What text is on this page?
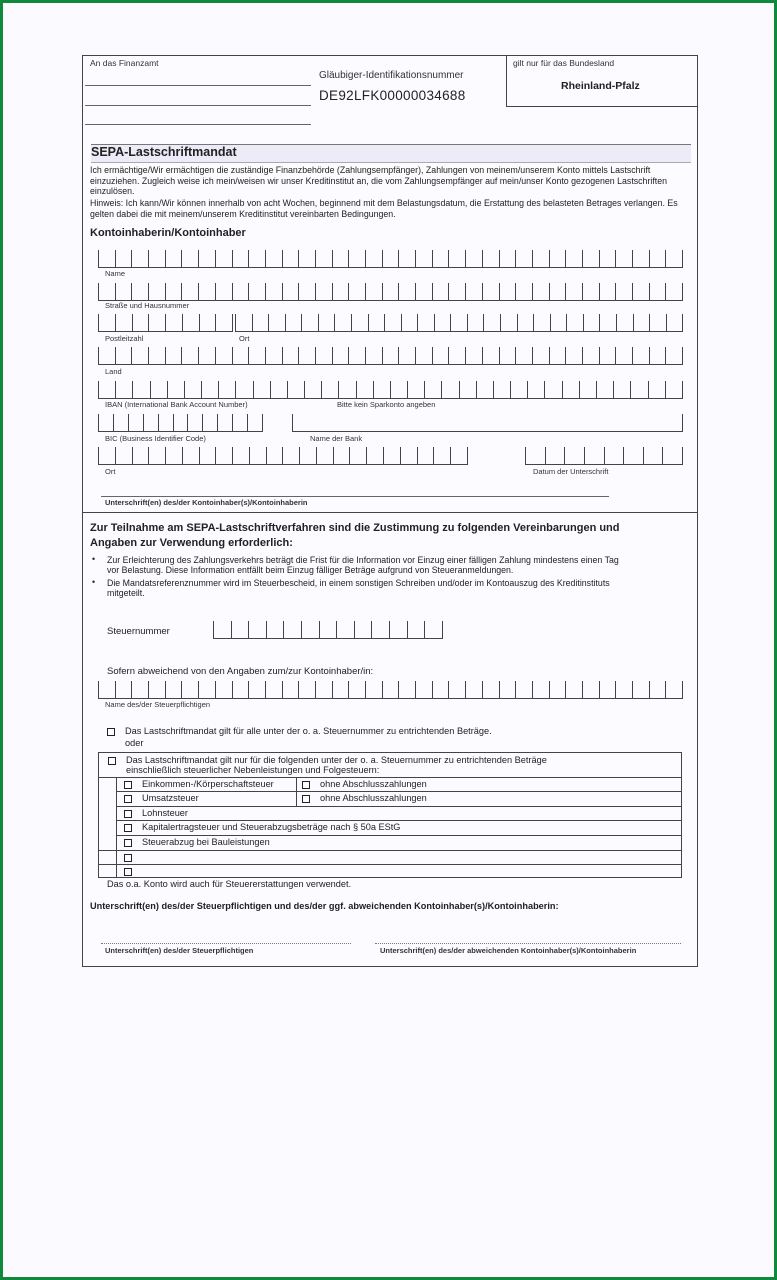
An das Finanzamt
Gläubiger-Identifikationsnummer
DE92LFK00000034688
gilt nur für das Bundesland
Rheinland-Pfalz
SEPA-Lastschriftmandat
Ich ermächtige/Wir ermächtigen die zuständige Finanzbehörde (Zahlungsempfänger), Zahlungen von meinem/unserem Konto mittels Lastschrift einzuziehen. Zugleich weise ich mein/weisen wir unser Kreditinstitut an, die vom Zahlungsempfänger auf mein/unser Konto gezogenen Lastschriften einzulösen.
Hinweis: Ich kann/Wir können innerhalb von acht Wochen, beginnend mit dem Belastungsdatum, die Erstattung des belasteten Betrages verlangen. Es gelten dabei die mit meinem/unserem Kreditinstitut vereinbarten Bedingungen.
Kontoinhaberin/Kontoinhaber
Name
Straße und Hausnummer
Postleitzahl	Ort
Land
IBAN (International Bank Account Number)	Bitte kein Sparkonto angeben
BIC (Business Identifier Code)	Name der Bank
Ort	Datum der Unterschrift
Unterschrift(en) des/der Kontoinhaber(s)/Kontoinhaberin
Zur Teilnahme am SEPA-Lastschriftverfahren sind die Zustimmung zu folgenden Vereinbarungen und
Angaben zur Verwendung erforderlich:
• Zur Erleichterung des Zahlungsverkehrs beträgt die Frist für die Information vor Einzug einer fälligen Zahlung mindestens einen Tag
vor Belastung. Diese Information entfällt beim Einzug fälliger Beträge aufgrund von Steueranmeldungen.
• Die Mandatsreferenznummer wird im Steuerbescheid, in einem sonstigen Schreiben und/oder im Kontoauszug des Kreditinstituts
mitgeteilt.
Steuernummer
Sofern abweichend von den Angaben zum/zur Kontoinhaber/in:
Name des/der Steuerpflichtigen
Das Lastschriftmandat gilt für alle unter der o. a. Steuernummer zu entrichtenden Beträge.
oder
Das Lastschriftmandat gilt nur für die folgenden unter der o. a. Steuernummer zu entrichtenden Beträge
einschließlich steuerlicher Nebenleistungen und Folgesteuern:
Einkommen-/Körperschaftsteuer	ohne Abschlusszahlungen
Umsatzsteuer	ohne Abschlusszahlungen
Lohnsteuer
Kapitalertragsteuer und Steuerabzugsbeträge nach § 50a EStG
Steuerabzug bei Bauleistungen
Das o.a. Konto wird auch für Steuererstattungen verwendet.
Unterschrift(en) des/der Steuerpflichtigen und des/der ggf. abweichenden Kontoinhaber(s)/Kontoinhaberin:
Unterschrift(en) des/der Steuerpflichtigen	Unterschrift(en) des/der abweichenden Kontoinhaber(s)/Kontoinhaberin
